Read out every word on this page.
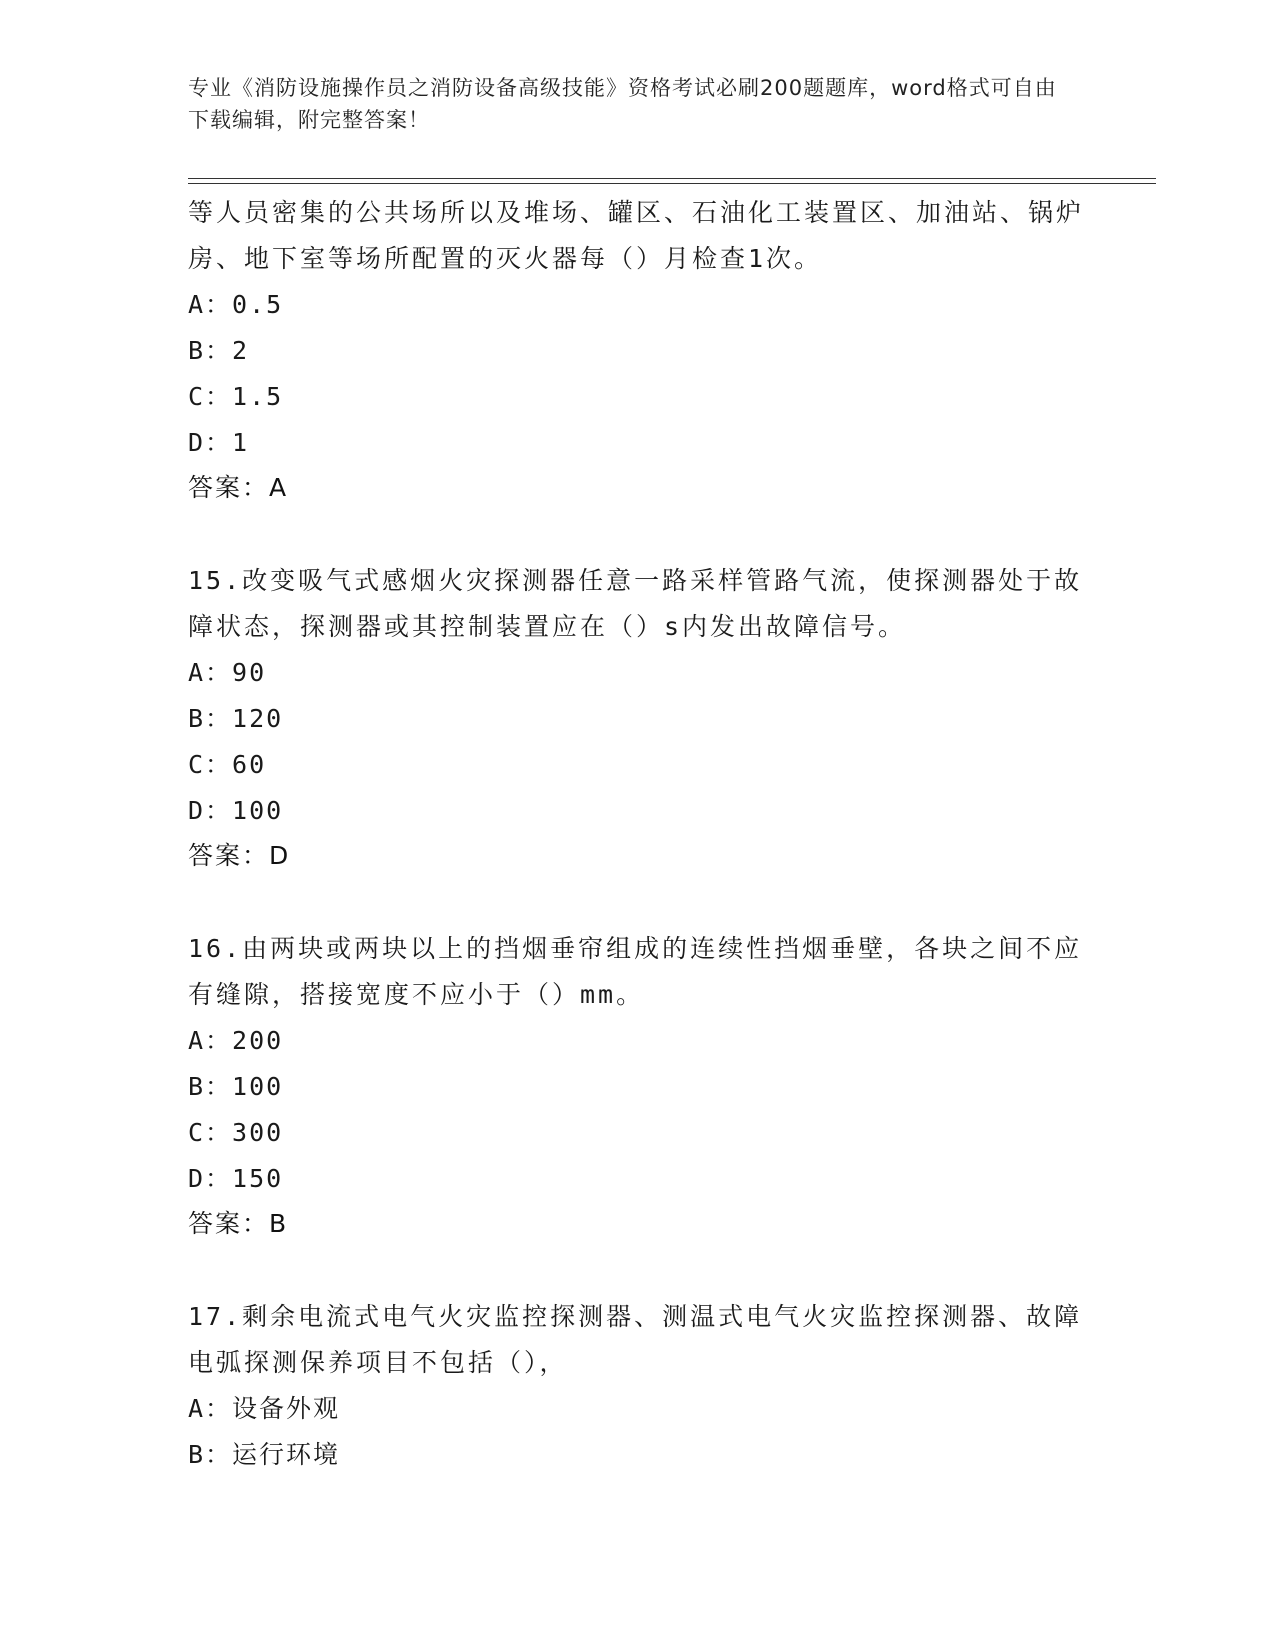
专业《消防设施操作员之消防设备高级技能》资格考试必刷200题题库，word格式可自由下载编辑，附完整答案！

等人员密集的公共场所以及堆场、罐区、石油化工装置区、加油站、锅炉房、地下室等场所配置的灭火器每（）月检查1次。

A：0.5

B：2

C：1.5

D：1

答案：A

15.改变吸气式感烟火灾探测器任意一路采样管路气流，使探测器处于故障状态，探测器或其控制装置应在（）s内发出故障信号。

A：90

B：120

C：60

D：100

答案：D

16.由两块或两块以上的挡烟垂帘组成的连续性挡烟垂壁，各块之间不应有缝隙，搭接宽度不应小于（）mm。

A：200

B：100

C：300

D：150

答案：B

17.剩余电流式电气火灾监控探测器、测温式电气火灾监控探测器、故障电弧探测保养项目不包括（），

A：设备外观

B：运行环境
